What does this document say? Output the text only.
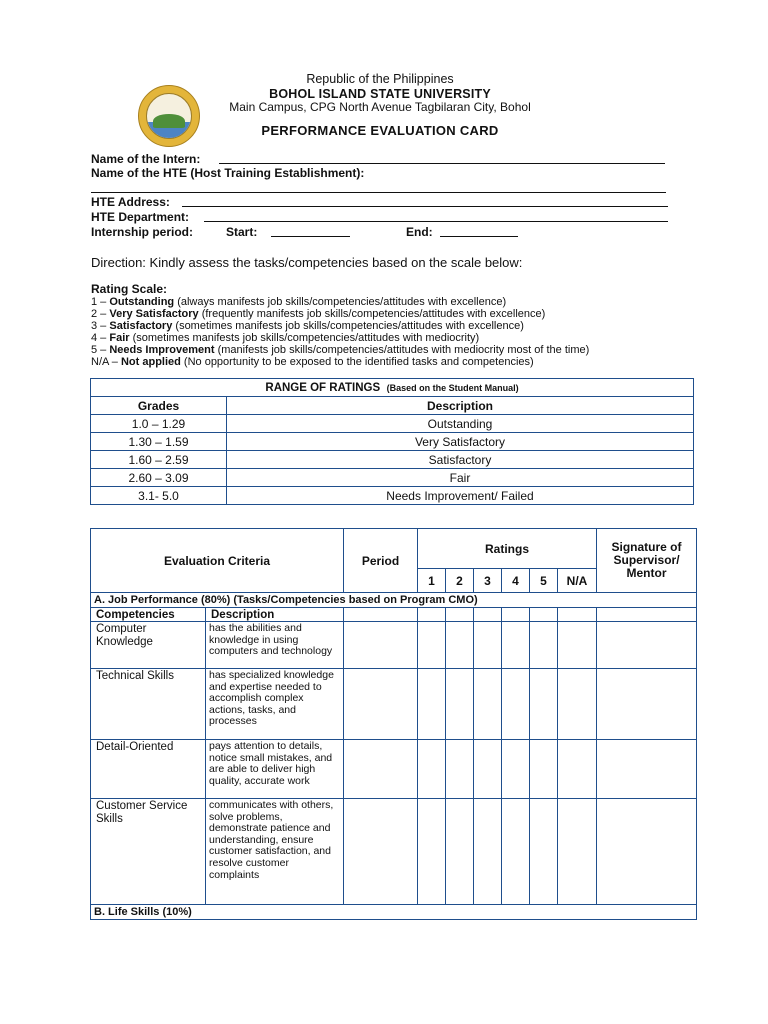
Republic of the Philippines
BOHOL ISLAND STATE UNIVERSITY
Main Campus, CPG North Avenue Tagbilaran City, Bohol
PERFORMANCE EVALUATION CARD
Name of the Intern:
Name of the HTE (Host Training Establishment):
HTE Address:
HTE Department:
Internship period:	Start:	End:
Direction: Kindly assess the tasks/competencies based on the scale below:
Rating Scale:
1 – Outstanding (always manifests job skills/competencies/attitudes with excellence)
2 – Very Satisfactory (frequently manifests job skills/competencies/attitudes with excellence)
3 – Satisfactory (sometimes manifests job skills/competencies/attitudes with excellence)
4 – Fair (sometimes manifests job skills/competencies/attitudes with mediocrity)
5 – Needs Improvement (manifests job skills/competencies/attitudes with mediocrity most of the time)
N/A – Not applied (No opportunity to be exposed to the identified tasks and competencies)
RANGE OF RATINGS (Based on the Student Manual)	
Grades	Description
1.0 – 1.29	Outstanding
1.30 – 1.59	Very Satisfactory
1.60 – 2.59	Satisfactory
2.60 – 3.09	Fair
3.1- 5.0	Needs Improvement/ Failed
Evaluation Criteria		Period	Ratings						Signature of Supervisor/ Mentor
			1	2	3	4	5	N/A	
A. Job Performance (80%) (Tasks/Competencies based on Program CMO)									
Competencies	Description								
Computer Knowledge	has the abilities and knowledge in using computers and technology								
Technical Skills	has specialized knowledge and expertise needed to accomplish complex actions, tasks, and processes								
Detail-Oriented	pays attention to details, notice small mistakes, and are able to deliver high quality, accurate work								
Customer Service Skills	communicates with others, solve problems, demonstrate patience and understanding, ensure customer satisfaction, and resolve customer complaints								
B. Life Skills (10%)									
